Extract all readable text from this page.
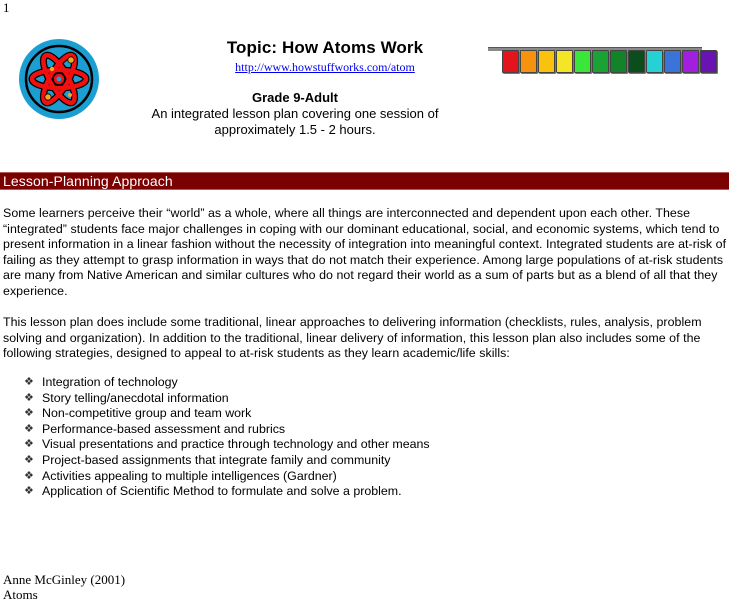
1
Topic: How Atoms Work
http://www.howstuffworks.com/atom
Grade 9-Adult
An integrated lesson plan covering one session of
approximately 1.5 - 2 hours.
Lesson-Planning Approach
Some learners perceive their “world” as a whole, where all things are interconnected and dependent upon each other. These “integrated” students face major challenges in coping with our dominant educational, social, and economic systems, which tend to present information in a linear fashion without the necessity of integration into meaningful context. Integrated students are at-risk of failing as they attempt to grasp information in ways that do not match their experience. Among large populations of at-risk students are many from Native American and similar cultures who do not regard their world as a sum of parts but as a blend of all that they experience.
This lesson plan does include some traditional, linear approaches to delivering information (checklists, rules, analysis, problem solving and organization). In addition to the traditional, linear delivery of information, this lesson plan also includes some of the following strategies, designed to appeal to at-risk students as they learn academic/life skills:
❖ Integration of technology
❖ Story telling/anecdotal information
❖ Non-competitive group and team work
❖ Performance-based assessment and rubrics
❖ Visual presentations and practice through technology and other means
❖ Project-based assignments that integrate family and community
❖ Activities appealing to multiple intelligences (Gardner)
❖ Application of Scientific Method to formulate and solve a problem.
Anne McGinley (2001)
Atoms
